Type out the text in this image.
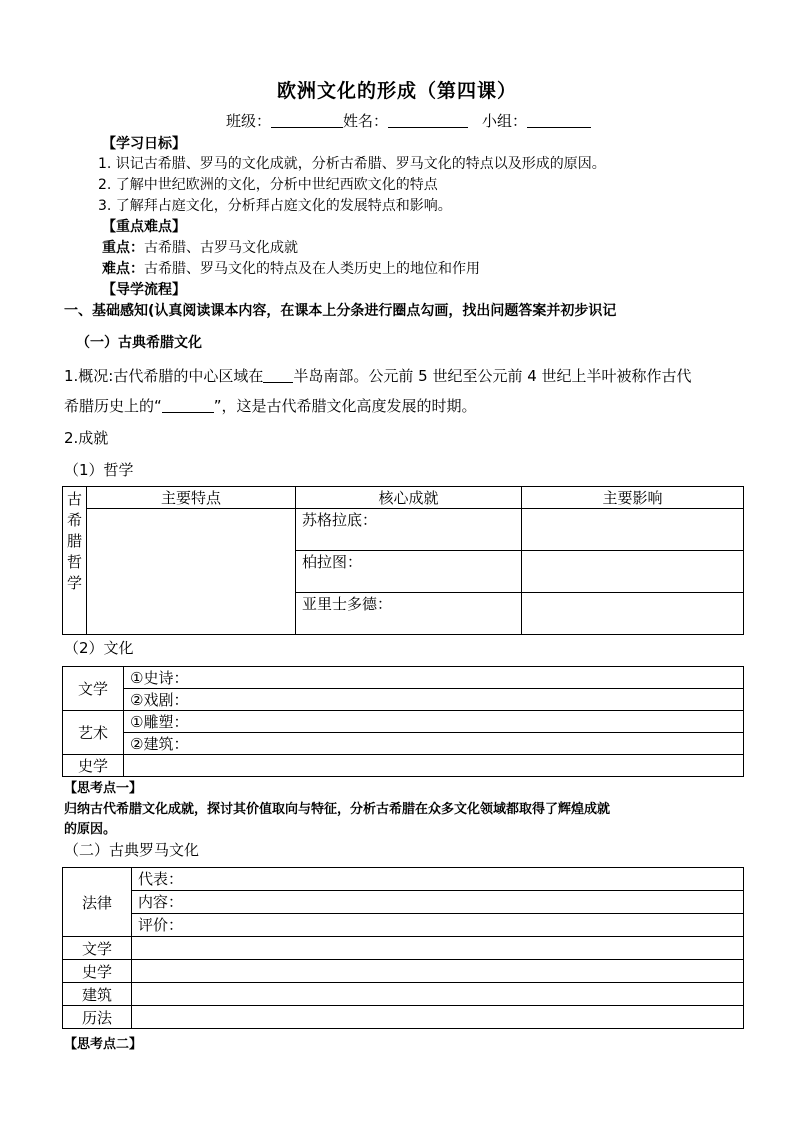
欧洲文化的形成（第四课）
班级：	姓名：	小组：
【学习日标】
1. 识记古希腊、罗马的文化成就，分析古希腊、罗马文化的特点以及形成的原因。
2. 了解中世纪欧洲的文化，分析中世纪西欧文化的特点
3. 了解拜占庭文化，分析拜占庭文化的发展特点和影响。
【重点难点】
重点：古希腊、古罗马文化成就
难点：古希腊、罗马文化的特点及在人类历史上的地位和作用
【导学流程】
一、基础感知(认真阅读课本内容，在课本上分条进行圈点勾画，找出问题答案并初步识记
（一）古典希腊文化
1.概况:古代希腊的中心区域在 半岛南部。公元前 5 世纪至公元前 4 世纪上半叶被称作古代
希腊历史上的“	”，这是古代希腊文化高度发展的时期。
2.成就
（1）哲学
古
希
腊
哲
学	主要特点	核心成就	主要影响
		苏格拉底：	
		柏拉图：	
		亚里士多德：	
（2）文化
文学	①史诗：
	②戏剧：
艺术	①雕塑：
	②建筑：
史学	
【思考点一】
归纳古代希腊文化成就，探讨其价值取向与特征，分析古希腊在众多文化领域都取得了辉煌成就
的原因。
（二）古典罗马文化
法律	代表：
	内容：
	评价：
文学	
史学	
建筑	
历法	
【思考点二】
